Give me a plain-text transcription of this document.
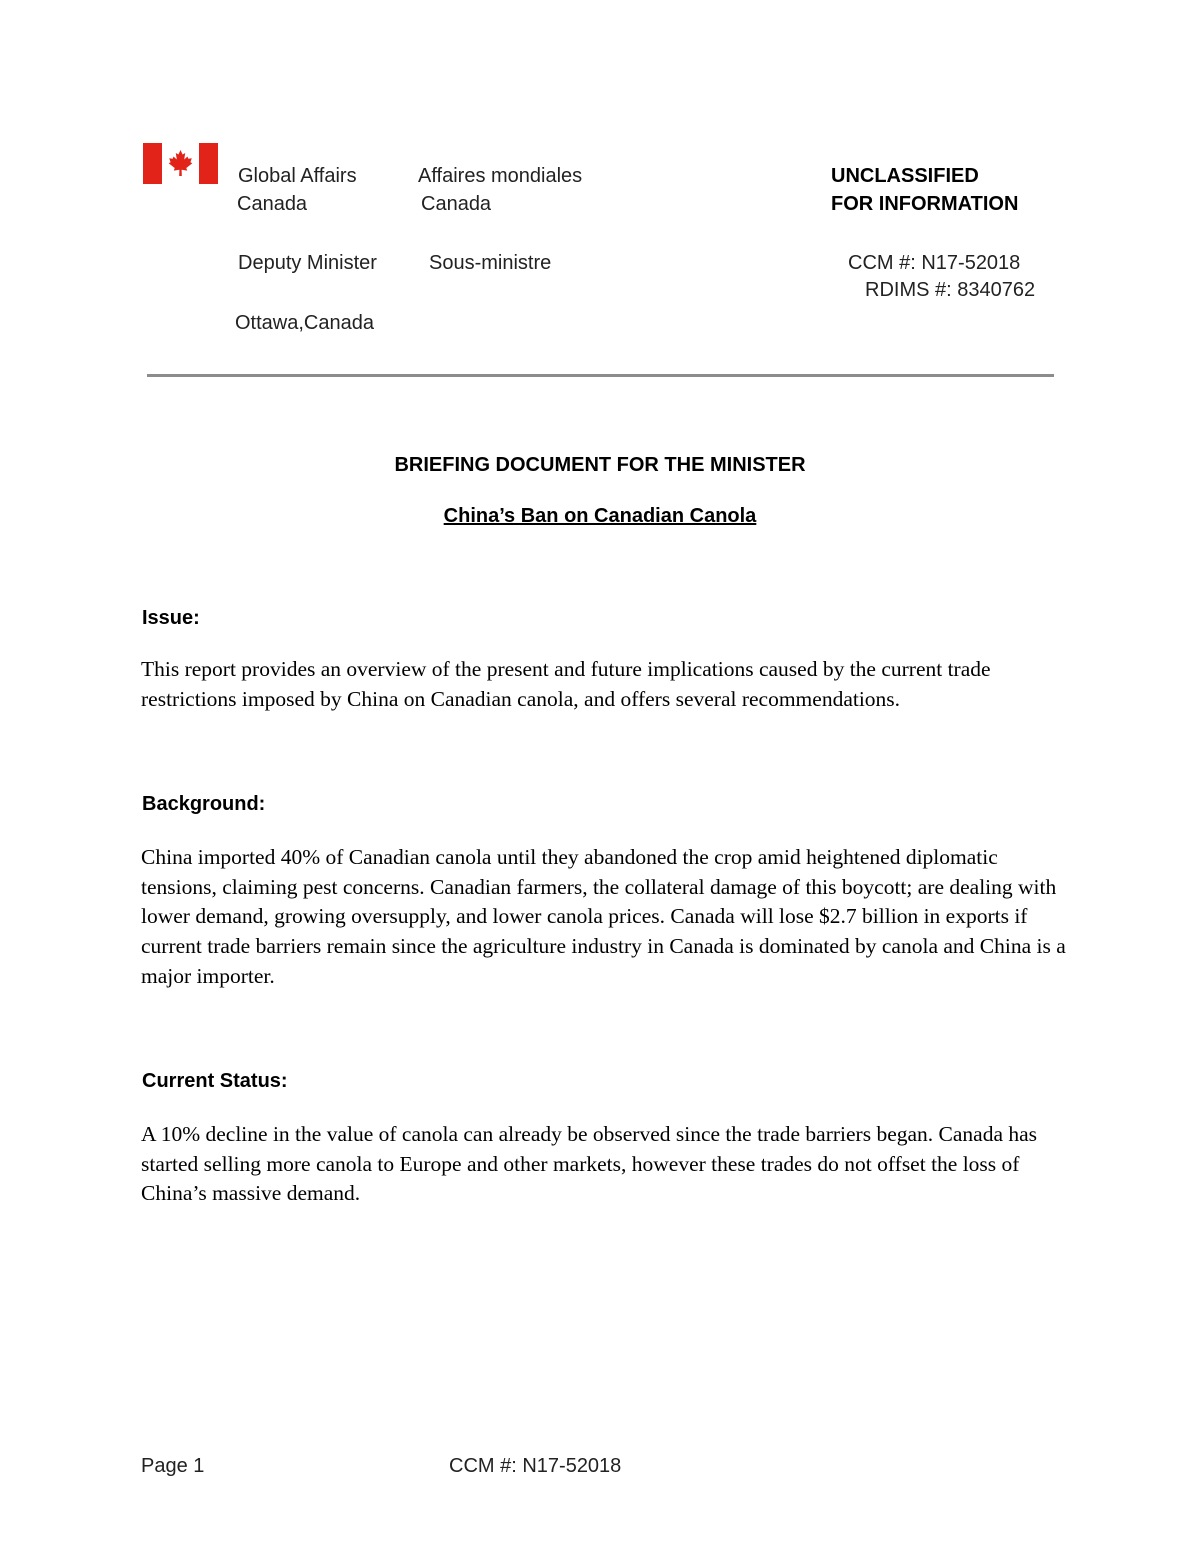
Global Affairs
Canada
Affaires mondiales
Canada
Deputy Minister	Sous-ministre
Ottawa,Canada
UNCLASSIFIED
FOR INFORMATION
CCM #: N17-52018
RDIMS #: 8340762
BRIEFING DOCUMENT FOR THE MINISTER
China’s Ban on Canadian Canola
Issue:
This report provides an overview of the present and future implications caused by the current trade restrictions imposed by China on Canadian canola, and offers several recommendations.
Background:
China imported 40% of Canadian canola until they abandoned the crop amid heightened diplomatic tensions, claiming pest concerns. Canadian farmers, the collateral damage of this boycott; are dealing with lower demand, growing oversupply, and lower canola prices. Canada will lose $2.7 billion in exports if current trade barriers remain since the agriculture industry in Canada is dominated by canola and China is a major importer.
Current Status:
A 10% decline in the value of canola can already be observed since the trade barriers began. Canada has started selling more canola to Europe and other markets, however these trades do not offset the loss of China’s massive demand.
Page 1	CCM #: N17-52018
